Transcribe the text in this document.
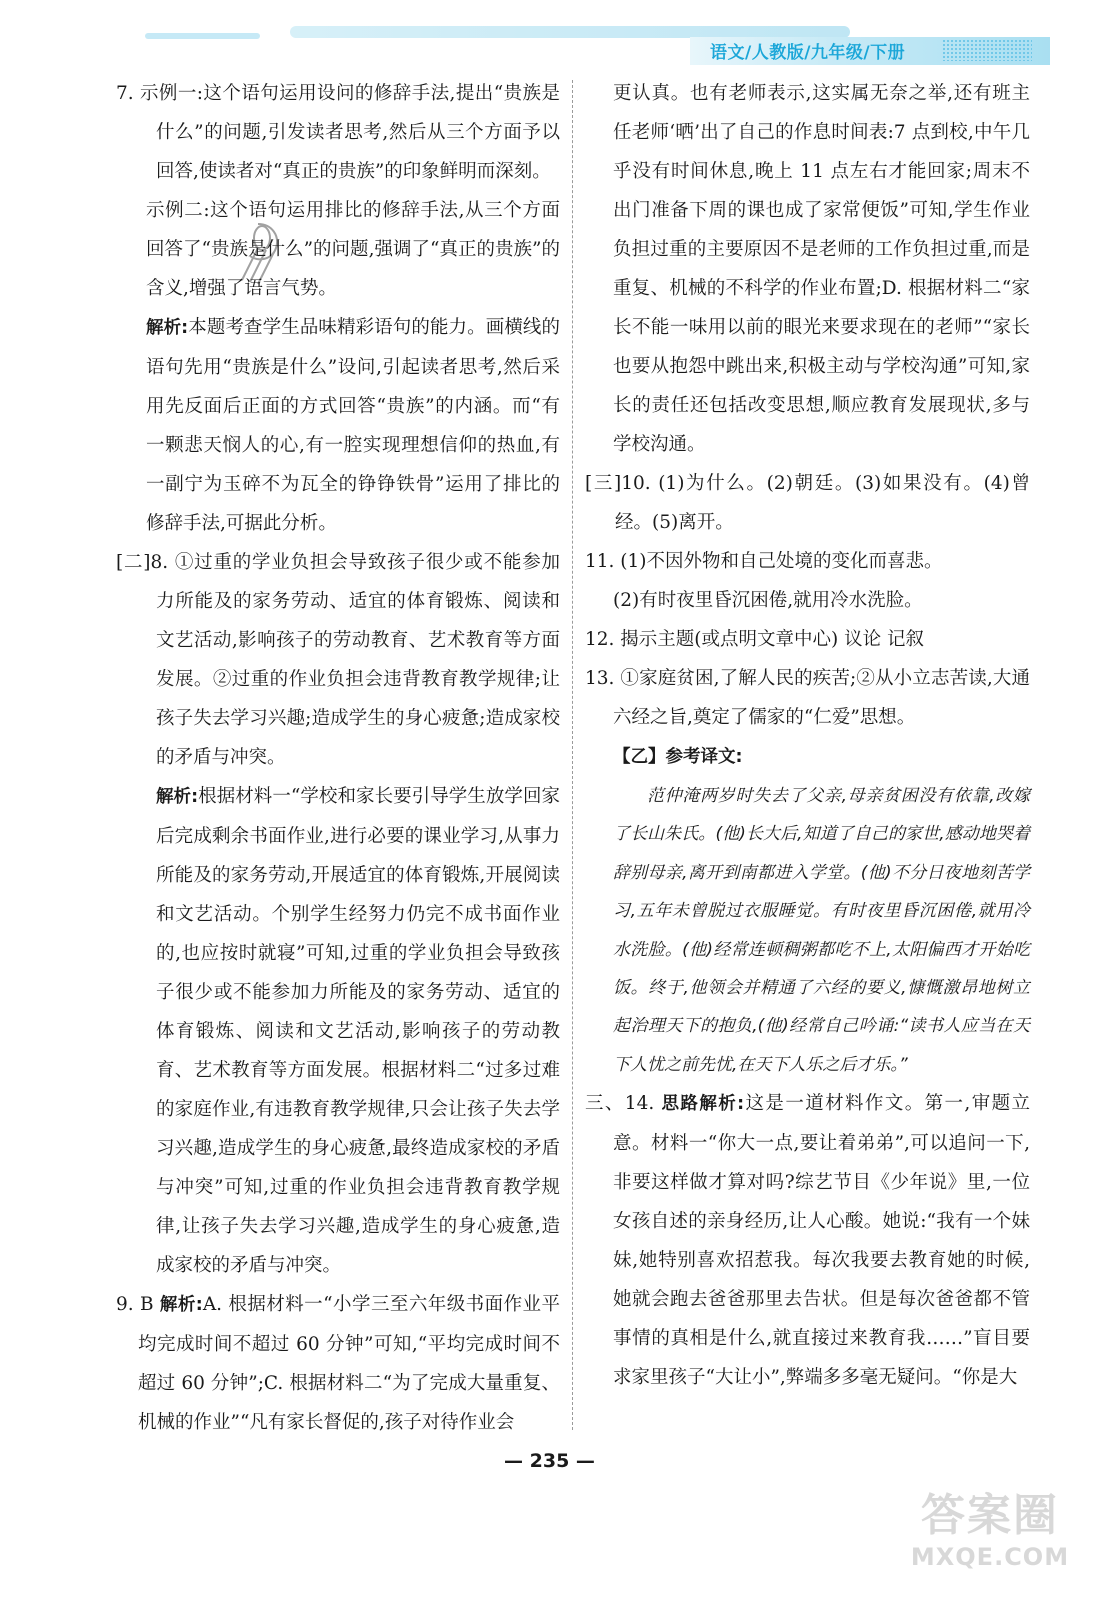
语文/人教版/九年级/下册

7. 示例一:这个语句运用设问的修辞手法,提出“贵族是什么”的问题,引发读者思考,然后从三个方面予以回答,使读者对“真正的贵族”的印象鲜明而深刻。

示例二:这个语句运用排比的修辞手法,从三个方面回答了“贵族是什么”的问题,强调了“真正的贵族”的含义,增强了语言气势。

解析:本题考查学生品味精彩语句的能力。画横线的语句先用“贵族是什么”设问,引起读者思考,然后采用先反面后正面的方式回答“贵族”的内涵。而“有一颗悲天悯人的心,有一腔实现理想信仰的热血,有一副宁为玉碎不为瓦全的铮铮铁骨”运用了排比的修辞手法,可据此分析。

[二]8. ①过重的学业负担会导致孩子很少或不能参加力所能及的家务劳动、适宜的体育锻炼、阅读和文艺活动,影响孩子的劳动教育、艺术教育等方面发展。②过重的作业负担会违背教育教学规律;让孩子失去学习兴趣;造成学生的身心疲惫;造成家校的矛盾与冲突。

解析:根据材料一“学校和家长要引导学生放学回家后完成剩余书面作业,进行必要的课业学习,从事力所能及的家务劳动,开展适宜的体育锻炼,开展阅读和文艺活动。个别学生经努力仍完不成书面作业的,也应按时就寝”可知,过重的学业负担会导致孩子很少或不能参加力所能及的家务劳动、适宜的体育锻炼、阅读和文艺活动,影响孩子的劳动教育、艺术教育等方面发展。根据材料二“过多过难的家庭作业,有违教育教学规律,只会让孩子失去学习兴趣,造成学生的身心疲惫,最终造成家校的矛盾与冲突”可知,过重的作业负担会违背教育教学规律,让孩子失去学习兴趣,造成学生的身心疲惫,造成家校的矛盾与冲突。

9. B 解析:A. 根据材料一“小学三至六年级书面作业平均完成时间不超过 60 分钟”可知,“平均完成时间不超过 60 分钟”;C. 根据材料二“为了完成大量重复、机械的作业”“凡有家长督促的,孩子对待作业会

更认真。也有老师表示,这实属无奈之举,还有班主任老师‘晒’出了自己的作息时间表:7 点到校,中午几乎没有时间休息,晚上 11 点左右才能回家;周末不出门准备下周的课也成了家常便饭”可知,学生作业负担过重的主要原因不是老师的工作负担过重,而是重复、机械的不科学的作业布置;D. 根据材料二“家长不能一味用以前的眼光来要求现在的老师”“家长也要从抱怨中跳出来,积极主动与学校沟通”可知,家长的责任还包括改变思想,顺应教育发展现状,多与学校沟通。

[三]10. (1)为什么。(2)朝廷。(3)如果没有。(4)曾经。(5)离开。

11. (1)不因外物和自己处境的变化而喜悲。

(2)有时夜里昏沉困倦,就用冷水洗脸。

12. 揭示主题(或点明文章中心) 议论 记叙

13. ①家庭贫困,了解人民的疾苦;②从小立志苦读,大通六经之旨,奠定了儒家的“仁爱”思想。

【乙】参考译文:

范仲淹两岁时失去了父亲,母亲贫困没有依靠,改嫁了长山朱氏。(他)长大后,知道了自己的家世,感动地哭着辞别母亲,离开到南都进入学堂。(他)不分日夜地刻苦学习,五年未曾脱过衣服睡觉。有时夜里昏沉困倦,就用冷水洗脸。(他)经常连顿稠粥都吃不上,太阳偏西才开始吃饭。终于,他领会并精通了六经的要义,慷慨激昂地树立起治理天下的抱负,(他)经常自己吟诵:“读书人应当在天下人忧之前先忧,在天下人乐之后才乐。”

三、14. 思路解析:这是一道材料作文。第一,审题立意。材料一“你大一点,要让着弟弟”,可以追问一下,非要这样做才算对吗?综艺节目《少年说》里,一位女孩自述的亲身经历,让人心酸。她说:“我有一个妹妹,她特别喜欢招惹我。每次我要去教育她的时候,她就会跑去爸爸那里去告状。但是每次爸爸都不管事情的真相是什么,就直接过来教育我……”盲目要求家里孩子“大让小”,弊端多多毫无疑问。“你是大

— 235 —
答案圈
MXQE.COM
